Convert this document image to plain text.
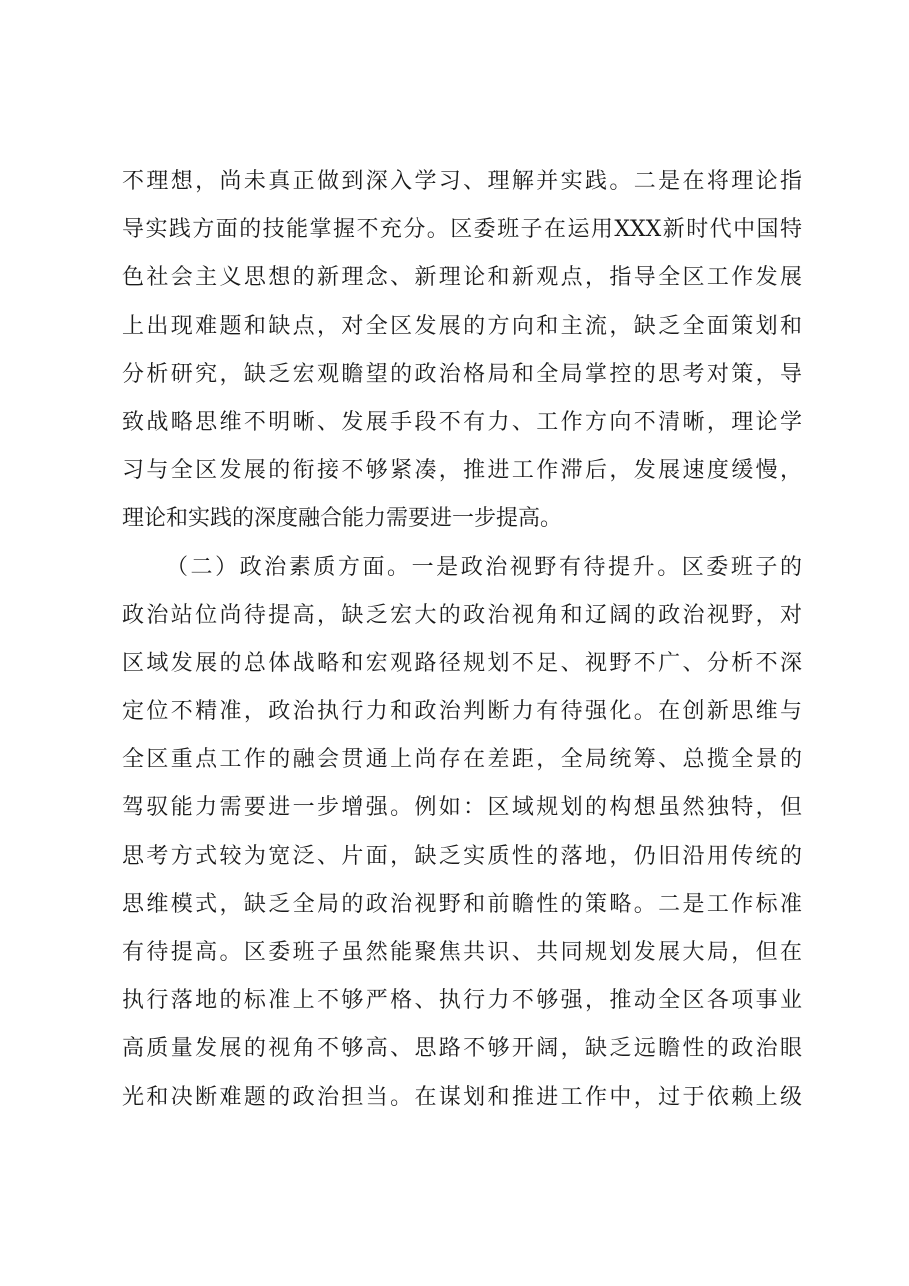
不理想，尚未真正做到深入学习、理解并实践。二是在将理论指
导实践方面的技能掌握不充分。区委班子在运用XXX新时代中国特
色社会主义思想的新理念、新理论和新观点，指导全区工作发展
上出现难题和缺点，对全区发展的方向和主流，缺乏全面策划和
分析研究，缺乏宏观瞻望的政治格局和全局掌控的思考对策，导
致战略思维不明晰、发展手段不有力、工作方向不清晰，理论学
习与全区发展的衔接不够紧凑，推进工作滞后，发展速度缓慢，
理论和实践的深度融合能力需要进一步提高。
（二）政治素质方面。一是政治视野有待提升。区委班子的
政治站位尚待提高，缺乏宏大的政治视角和辽阔的政治视野，对
区域发展的总体战略和宏观路径规划不足、视野不广、分析不深
定位不精准，政治执行力和政治判断力有待强化。在创新思维与
全区重点工作的融会贯通上尚存在差距，全局统筹、总揽全景的
驾驭能力需要进一步增强。例如：区域规划的构想虽然独特，但
思考方式较为宽泛、片面，缺乏实质性的落地，仍旧沿用传统的
思维模式，缺乏全局的政治视野和前瞻性的策略。二是工作标准
有待提高。区委班子虽然能聚焦共识、共同规划发展大局，但在
执行落地的标准上不够严格、执行力不够强，推动全区各项事业
高质量发展的视角不够高、思路不够开阔，缺乏远瞻性的政治眼
光和决断难题的政治担当。在谋划和推进工作中，过于依赖上级
